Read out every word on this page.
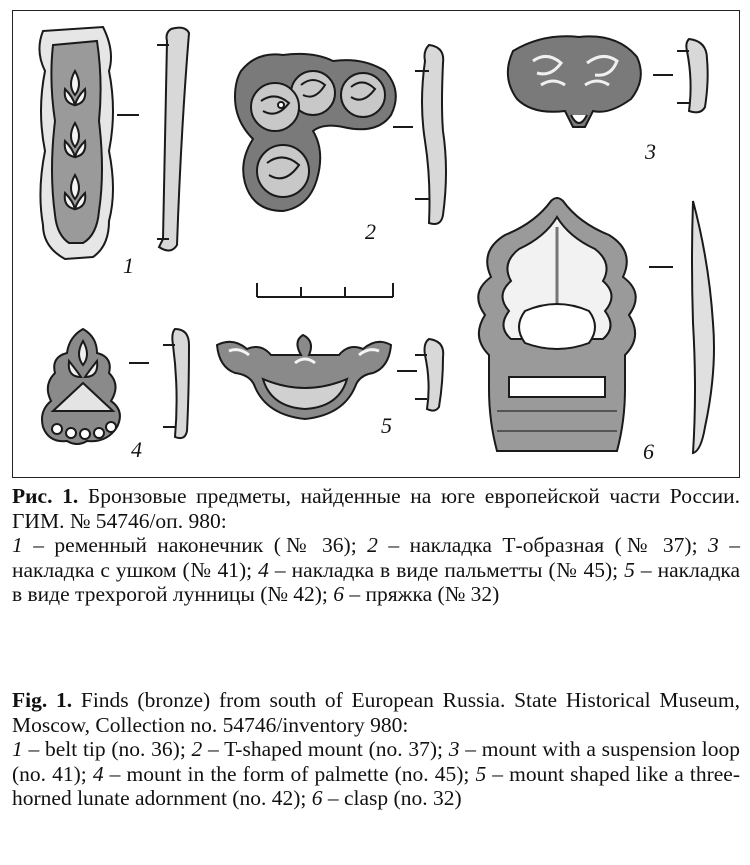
1
2
3
4
5
6

Рис. 1. Бронзовые предметы, найденные на юге европейской части России. ГИМ. № 54746/оп. 980:

1 – ременный наконечник (№ 36); 2 – накладка Т-образная (№ 37); 3 – накладка с ушком (№ 41); 4 – накладка в виде пальметты (№ 45); 5 – накладка в виде трехрогой лунницы (№ 42); 6 – пряжка (№ 32)

Fig. 1. Finds (bronze) from south of European Russia. State Historical Museum, Moscow, Collection no. 54746/inventory 980:

1 – belt tip (no. 36); 2 – T-shaped mount (no. 37); 3 – mount with a suspension loop (no. 41); 4 – mount in the form of palmette (no. 45); 5 – mount shaped like a three-horned lunate adornment (no. 42); 6 – clasp (no. 32)
